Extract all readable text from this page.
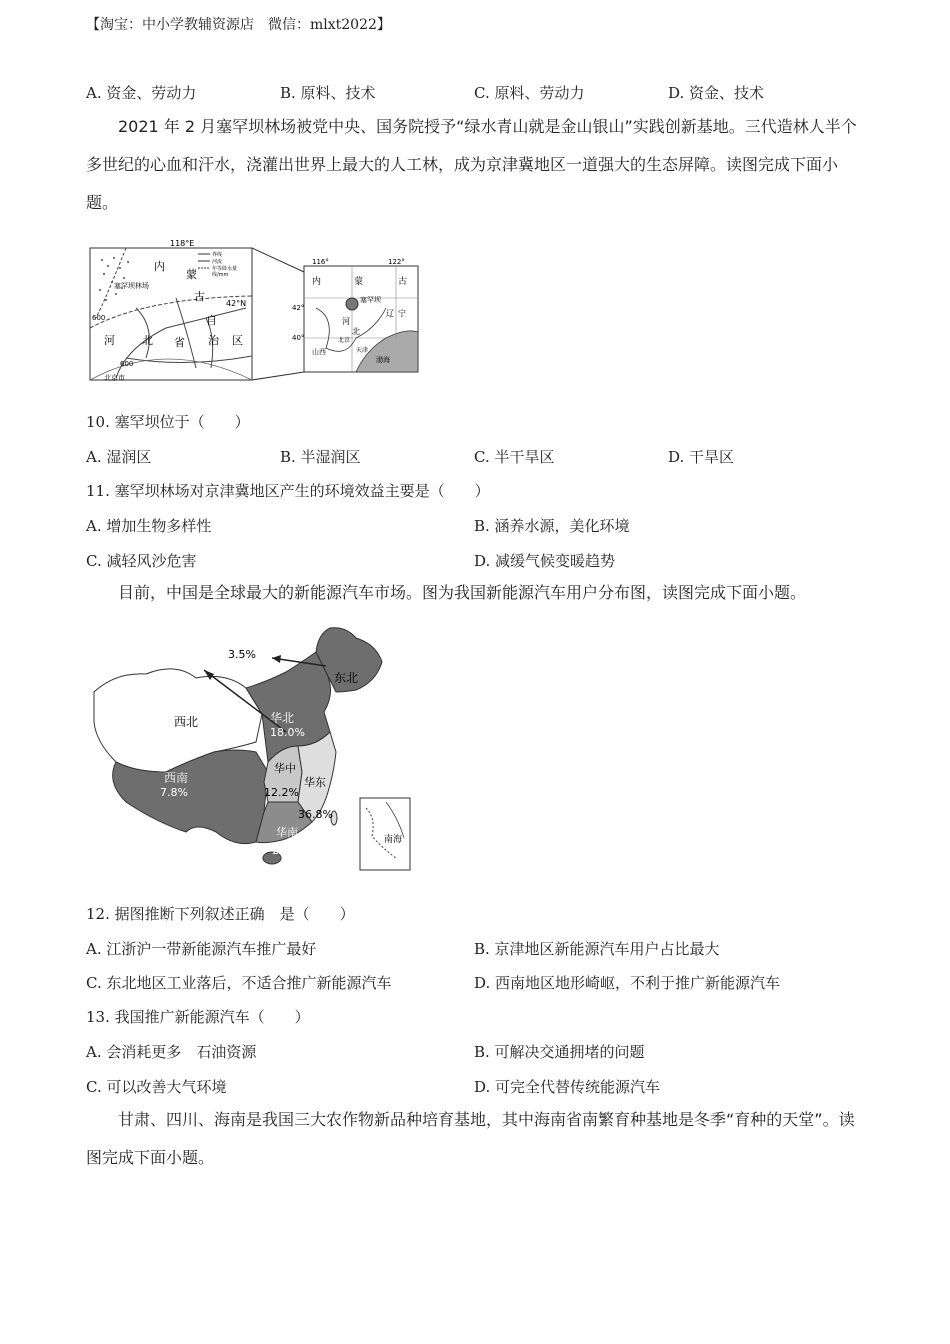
【淘宝：中小学教辅资源店　微信：mlxt2022】
A. 资金、劳动力	B. 原料、技术	C. 原料、劳动力	D. 资金、技术
2021 年 2 月塞罕坝林场被党中央、国务院授予“绿水青山就是金山银山”实践创新基地。三代造林人半个多世纪的心血和汗水，浇灌出世界上最大的人工林，成为京津冀地区一道强大的生态屏障。读图完成下面小题。
118°E
内
蒙
古
自
治 区
河 北 省
塞罕坝林场
42°N
600
600
北京市
界线
河流
年等降水量
线/mm
116°	122°
内	蒙	古
42°
40°
塞罕坝
辽 宁
河
北
北京
天津
山西
渤海
10. 塞罕坝位于（　　）
A. 湿润区	B. 半湿润区	C. 半干旱区	D. 干旱区
11. 塞罕坝林场对京津冀地区产生的环境效益主要是（　　）
A. 增加生物多样性	B. 涵养水源，美化环境
C. 减轻风沙危害	D. 减缓气候变暖趋势
目前，中国是全球最大的新能源汽车市场。图为我国新能源汽车用户分布图，读图完成下面小题。
南海
3.5%
东北
西北	华北
18.0%
西南
7.8%
华中
12.2%
华东
36.8%
华南
21.6%
12. 据图推断下列叙述正确　是（　　）
A. 江浙沪一带新能源汽车推广最好	B. 京津地区新能源汽车用户占比最大
C. 东北地区工业落后，不适合推广新能源汽车	D. 西南地区地形崎岖，不利于推广新能源汽车
13. 我国推广新能源汽车（　　）
A. 会消耗更多　石油资源	B. 可解决交通拥堵的问题
C. 可以改善大气环境	D. 可完全代替传统能源汽车
甘肃、四川、海南是我国三大农作物新品种培育基地，其中海南省南繁育种基地是冬季“育种的天堂”。读图完成下面小题。
